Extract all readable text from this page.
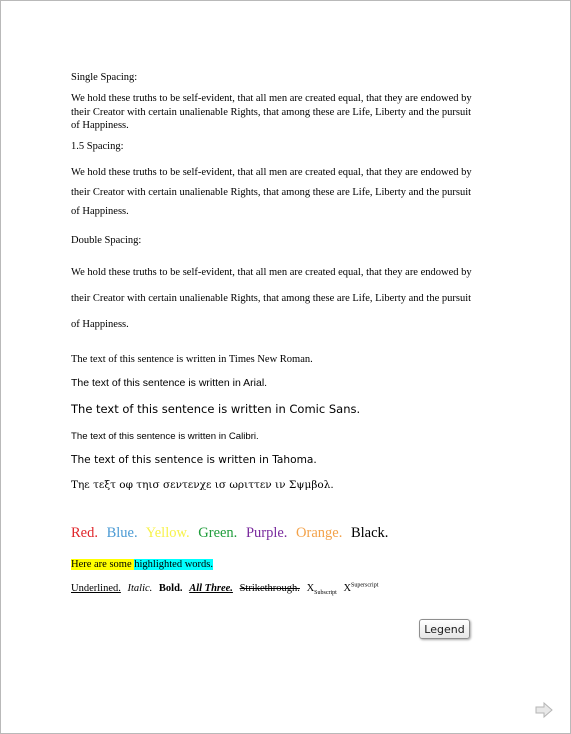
Single Spacing:
We hold these truths to be self-evident, that all men are created equal, that they are endowed by
their Creator with certain unalienable Rights, that among these are Life, Liberty and the pursuit
of Happiness.
1.5 Spacing:
We hold these truths to be self-evident, that all men are created equal, that they are endowed by
their Creator with certain unalienable Rights, that among these are Life, Liberty and the pursuit
of Happiness.
Double Spacing:
We hold these truths to be self-evident, that all men are created equal, that they are endowed by
their Creator with certain unalienable Rights, that among these are Life, Liberty and the pursuit
of Happiness.
The text of this sentence is written in Times New Roman.
The text of this sentence is written in Arial.
The text of this sentence is written in Comic Sans.
The text of this sentence is written in Calibri.
The text of this sentence is written in Tahoma.
Τηε τεξτ οφ τηισ σεντενχε ισ ωριττεν ιν Σψμβολ.
Red. Blue. Yellow. Green. Purple. Orange. Black.
Here are some highlighted words.
Underlined. Italic. Bold. All Three. Strikethrough. $X_{Subscript}$ $X^{Superscript}$
Legend
